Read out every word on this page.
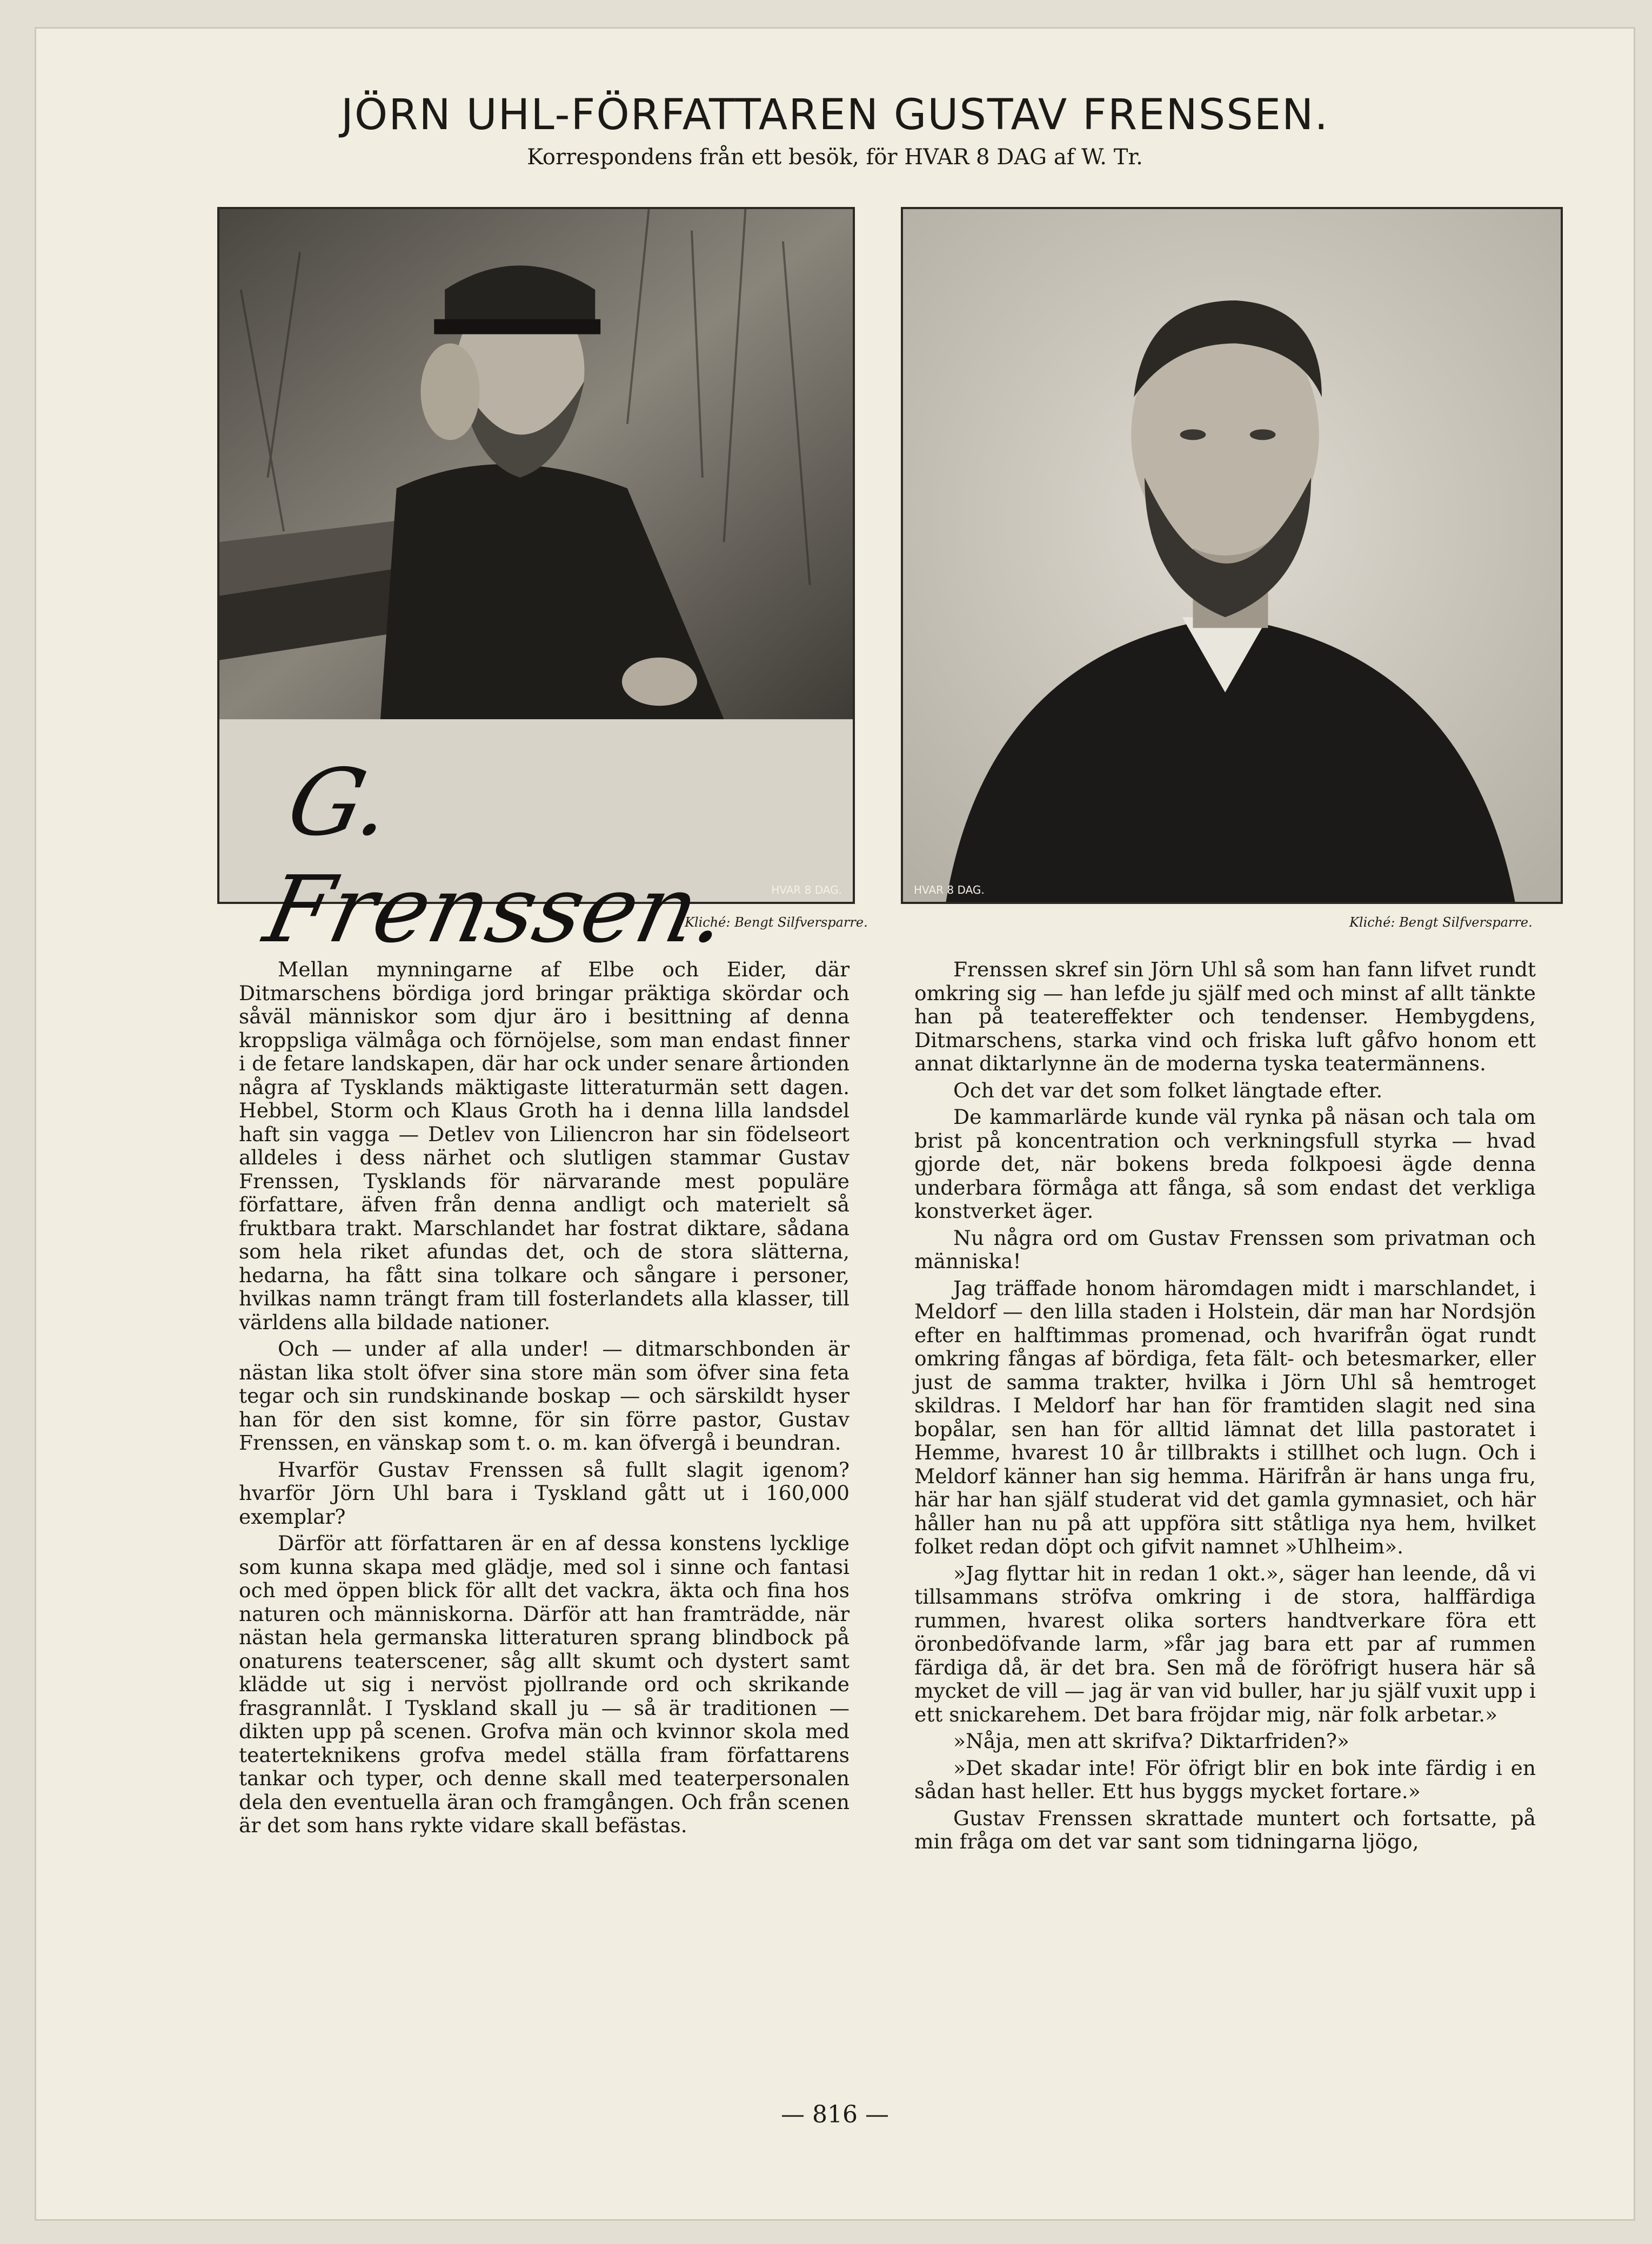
JÖRN UHL-FÖRFATTAREN GUSTAV FRENSSEN.
Korrespondens från ett besök, för HVAR 8 DAG af W. Tr.
G. Frenssen.	HVAR 8 DAG.
Kliché: Bengt Silfversparre.
HVAR 8 DAG.
Kliché: Bengt Silfversparre.

Mellan mynningarne af Elbe och Eider, där Ditmarschens bördiga jord bringar präktiga skördar och såväl människor som djur äro i besittning af denna kroppsliga välmåga och förnöjelse, som man endast finner i de fetare landskapen, där har ock under senare årtionden några af Tysklands mäktigaste litteraturmän sett dagen. Hebbel, Storm och Klaus Groth ha i denna lilla landsdel haft sin vagga — Detlev von Liliencron har sin födelseort alldeles i dess närhet och slutligen stammar Gustav Frenssen, Tysklands för närvarande mest populäre författare, äfven från denna andligt och materielt så fruktbara trakt. Marschlandet har fostrat diktare, sådana som hela riket afundas det, och de stora slätterna, hedarna, ha fått sina tolkare och sångare i personer, hvilkas namn trängt fram till fosterlandets alla klasser, till världens alla bildade nationer.

Och — under af alla under! — ditmarschbonden är nästan lika stolt öfver sina store män som öfver sina feta tegar och sin rundskinande boskap — och särskildt hyser han för den sist komne, för sin förre pastor, Gustav Frenssen, en vänskap som t. o. m. kan öfvergå i beundran.

Hvarför Gustav Frenssen så fullt slagit igenom? hvarför Jörn Uhl bara i Tyskland gått ut i 160,000 exemplar?

Därför att författaren är en af dessa konstens lycklige som kunna skapa med glädje, med sol i sinne och fantasi och med öppen blick för allt det vackra, äkta och fina hos naturen och människorna. Därför att han framträdde, när nästan hela germanska litteraturen sprang blindbock på onaturens teaterscener, såg allt skumt och dystert samt klädde ut sig i nervöst pjollrande ord och skrikande frasgrannlåt. I Tyskland skall ju — så är traditionen — dikten upp på scenen. Grofva män och kvinnor skola med teaterteknikens grofva medel ställa fram författarens tankar och typer, och denne skall med teaterpersonalen dela den eventuella äran och framgången. Och från scenen är det som hans rykte vidare skall befästas.

Frenssen skref sin Jörn Uhl så som han fann lifvet rundt omkring sig — han lefde ju själf med och minst af allt tänkte han på teatereffekter och tendenser. Hembygdens, Ditmarschens, starka vind och friska luft gåfvo honom ett annat diktarlynne än de moderna tyska teatermännens.

Och det var det som folket längtade efter.

De kammarlärde kunde väl rynka på näsan och tala om brist på koncentration och verkningsfull styrka — hvad gjorde det, när bokens breda folkpoesi ägde denna underbara förmåga att fånga, så som endast det verkliga konstverket äger.

Nu några ord om Gustav Frenssen som privatman och människa!

Jag träffade honom häromdagen midt i marschlandet, i Meldorf — den lilla staden i Holstein, där man har Nordsjön efter en halftimmas promenad, och hvarifrån ögat rundt omkring fångas af bördiga, feta fält- och betesmarker, eller just de samma trakter, hvilka i Jörn Uhl så hemtroget skildras. I Meldorf har han för framtiden slagit ned sina bopålar, sen han för alltid lämnat det lilla pastoratet i Hemme, hvarest 10 år tillbrakts i stillhet och lugn. Och i Meldorf känner han sig hemma. Härifrån är hans unga fru, här har han själf studerat vid det gamla gymnasiet, och här håller han nu på att uppföra sitt ståtliga nya hem, hvilket folket redan döpt och gifvit namnet »Uhlheim».

»Jag flyttar hit in redan 1 okt.», säger han leende, då vi tillsammans ströfva omkring i de stora, halffärdiga rummen, hvarest olika sorters handtverkare föra ett öronbedöfvande larm, »får jag bara ett par af rummen färdiga då, är det bra. Sen må de föröfrigt husera här så mycket de vill — jag är van vid buller, har ju själf vuxit upp i ett snickarehem. Det bara fröjdar mig, när folk arbetar.»

»Nåja, men att skrifva? Diktarfriden?»

»Det skadar inte! För öfrigt blir en bok inte färdig i en sådan hast heller. Ett hus byggs mycket fortare.»

Gustav Frenssen skrattade muntert och fortsatte, på min fråga om det var sant som tidningarna ljögo,

— 816 —
